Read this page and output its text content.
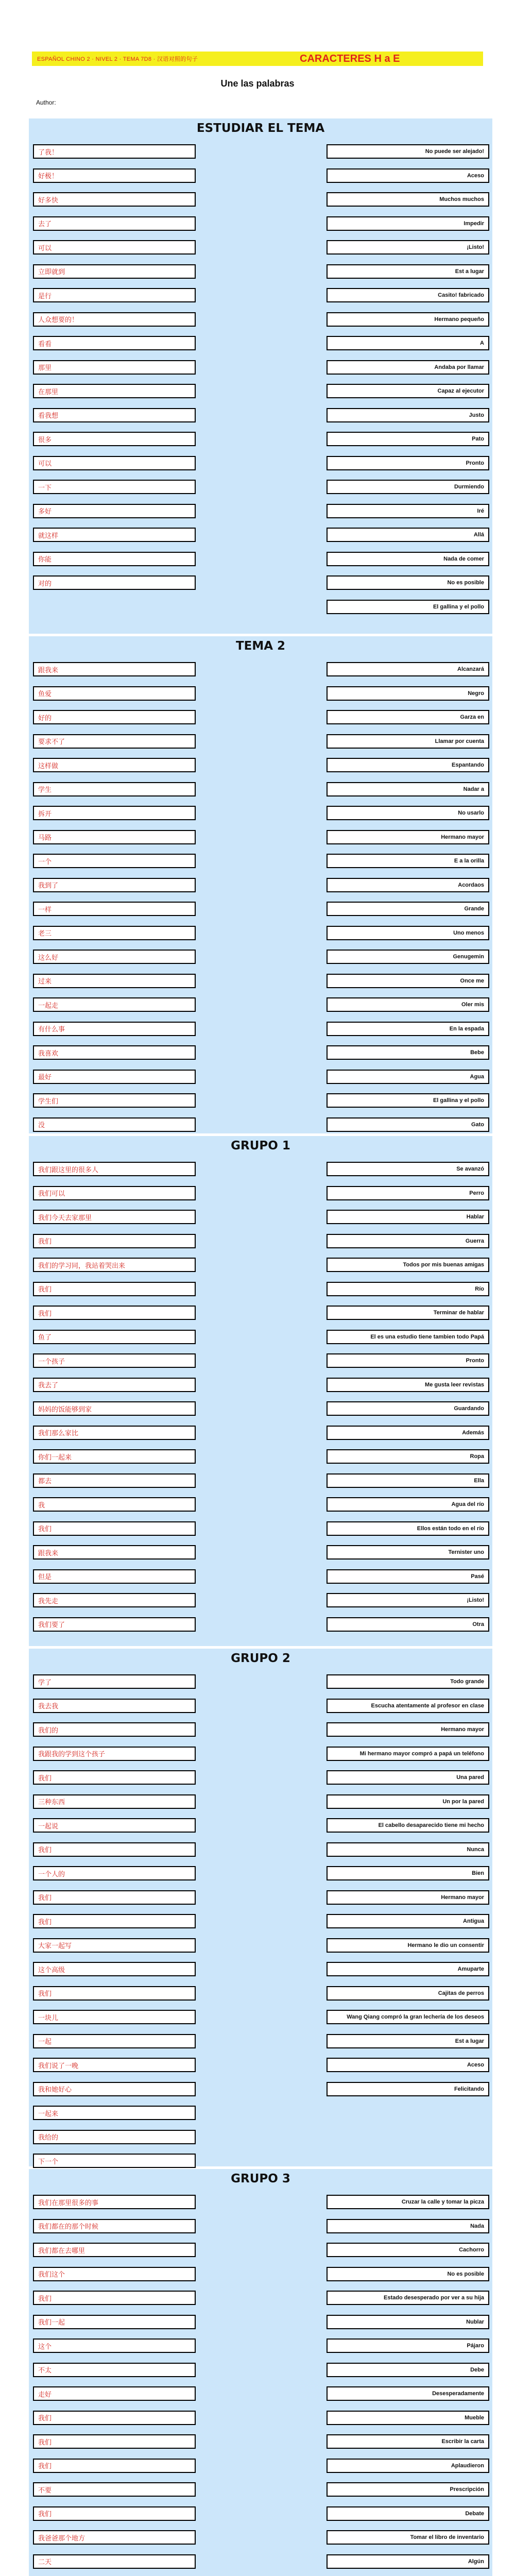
ESPAÑOL CHINO 2 · NIVEL 2 · TEMA 7D8 · 汉语对照的句子	CARACTERES H a E
Une las palabras
Author:
ESTUDIAR EL TEMA
了我！	No puede ser alejado!
好极！	Aceso
好多快	Muchos muchos
去了	Impedir
可以	¡Listo!
立即就到	Est a lugar
是行	Casito! fabricado
人众想要的！	Hermano pequeño
看看	A
那里	Andaba por llamar
在那里	Capaz al ejecutor
看我想	Justo
很多	Pato
可以	Pronto
一下	Durmiendo
多好	Iré
就这样	Allá
你能	Nada de comer
对的	No es posible
El gallina y el pollo
TEMA 2
跟我来	Alcanzará
鱼爱	Negro
好的	Garza en
要求不了	Llamar por cuenta
这样做	Espantando
学生	Nadar a
拆开	No usarlo
马路	Hermano mayor
一个	E a la orilla
我到了	Acordaos
一样	Grande
老三	Uno menos
这么好	Genugemin
过来	Once me
一起走	Oler mis
有什么事	En la espada
我喜欢	Bebe
最好	Agua
学生们	El gallina y el pollo
没	Gato
GRUPO 1
我们跟这里的很多人	Se avanzó
我们可以	Perro
我们今天去家那里	Hablar
我们	Guerra
我们的学习同，我站着哭出来	Todos por mis buenas amigas
我们	Río
我们	Terminar de hablar
鱼了	El es una estudio tiene tambien todo Papá
一个孩子	Pronto
我去了	Me gusta leer revistas
妈妈的饭能够到家	Guardando
我们那么家比	Además
你们一起来	Ropa
都去	Ella
我	Agua del río
我们	Ellos están todo en el río
跟我来	Ternister uno
但是	Pasé
我先走	¡Listo!
我们要了	Otra
GRUPO 2
学了	Todo grande
我去我	Escucha atentamente al profesor en clase
我们的	Hermano mayor
我跟我的学到这个孩子	Mi hermano mayor compró a papá un teléfono
我们	Una pared
三种东西	Un por la pared
一起说	El cabello desaparecido tiene mi hecho
我们	Nunca
一个人的	Bien
我们	Hermano mayor
我们	Antigua
大家一起写	Hermano le dio un consentir
这个高级	Amuparte
我们	Cajitas de perros
一块儿	Wang Qiang compró la gran lechería de los deseos
一起	Est a lugar
我们说了一晚	Aceso
我和她好心	Felicitando
一起来
我给的
下一个
GRUPO 3
我们在那里很多的事	Cruzar la calle y tomar la picza
我们都在的那个时候	Nada
我们都在去哪里	Cachorro
我们这个	No es posible
我们	Estado desesperado por ver a su hija
我们一起	Nublar
这个	Pájaro
不太	Debe
走好	Desesperadamente
我们	Mueble
我们	Escribir la carta
我们	Aplaudieron
不要	Prescripción
我们	Debate
我爸爸那个地方	Tomar el libro de inventario
二天	Algún
